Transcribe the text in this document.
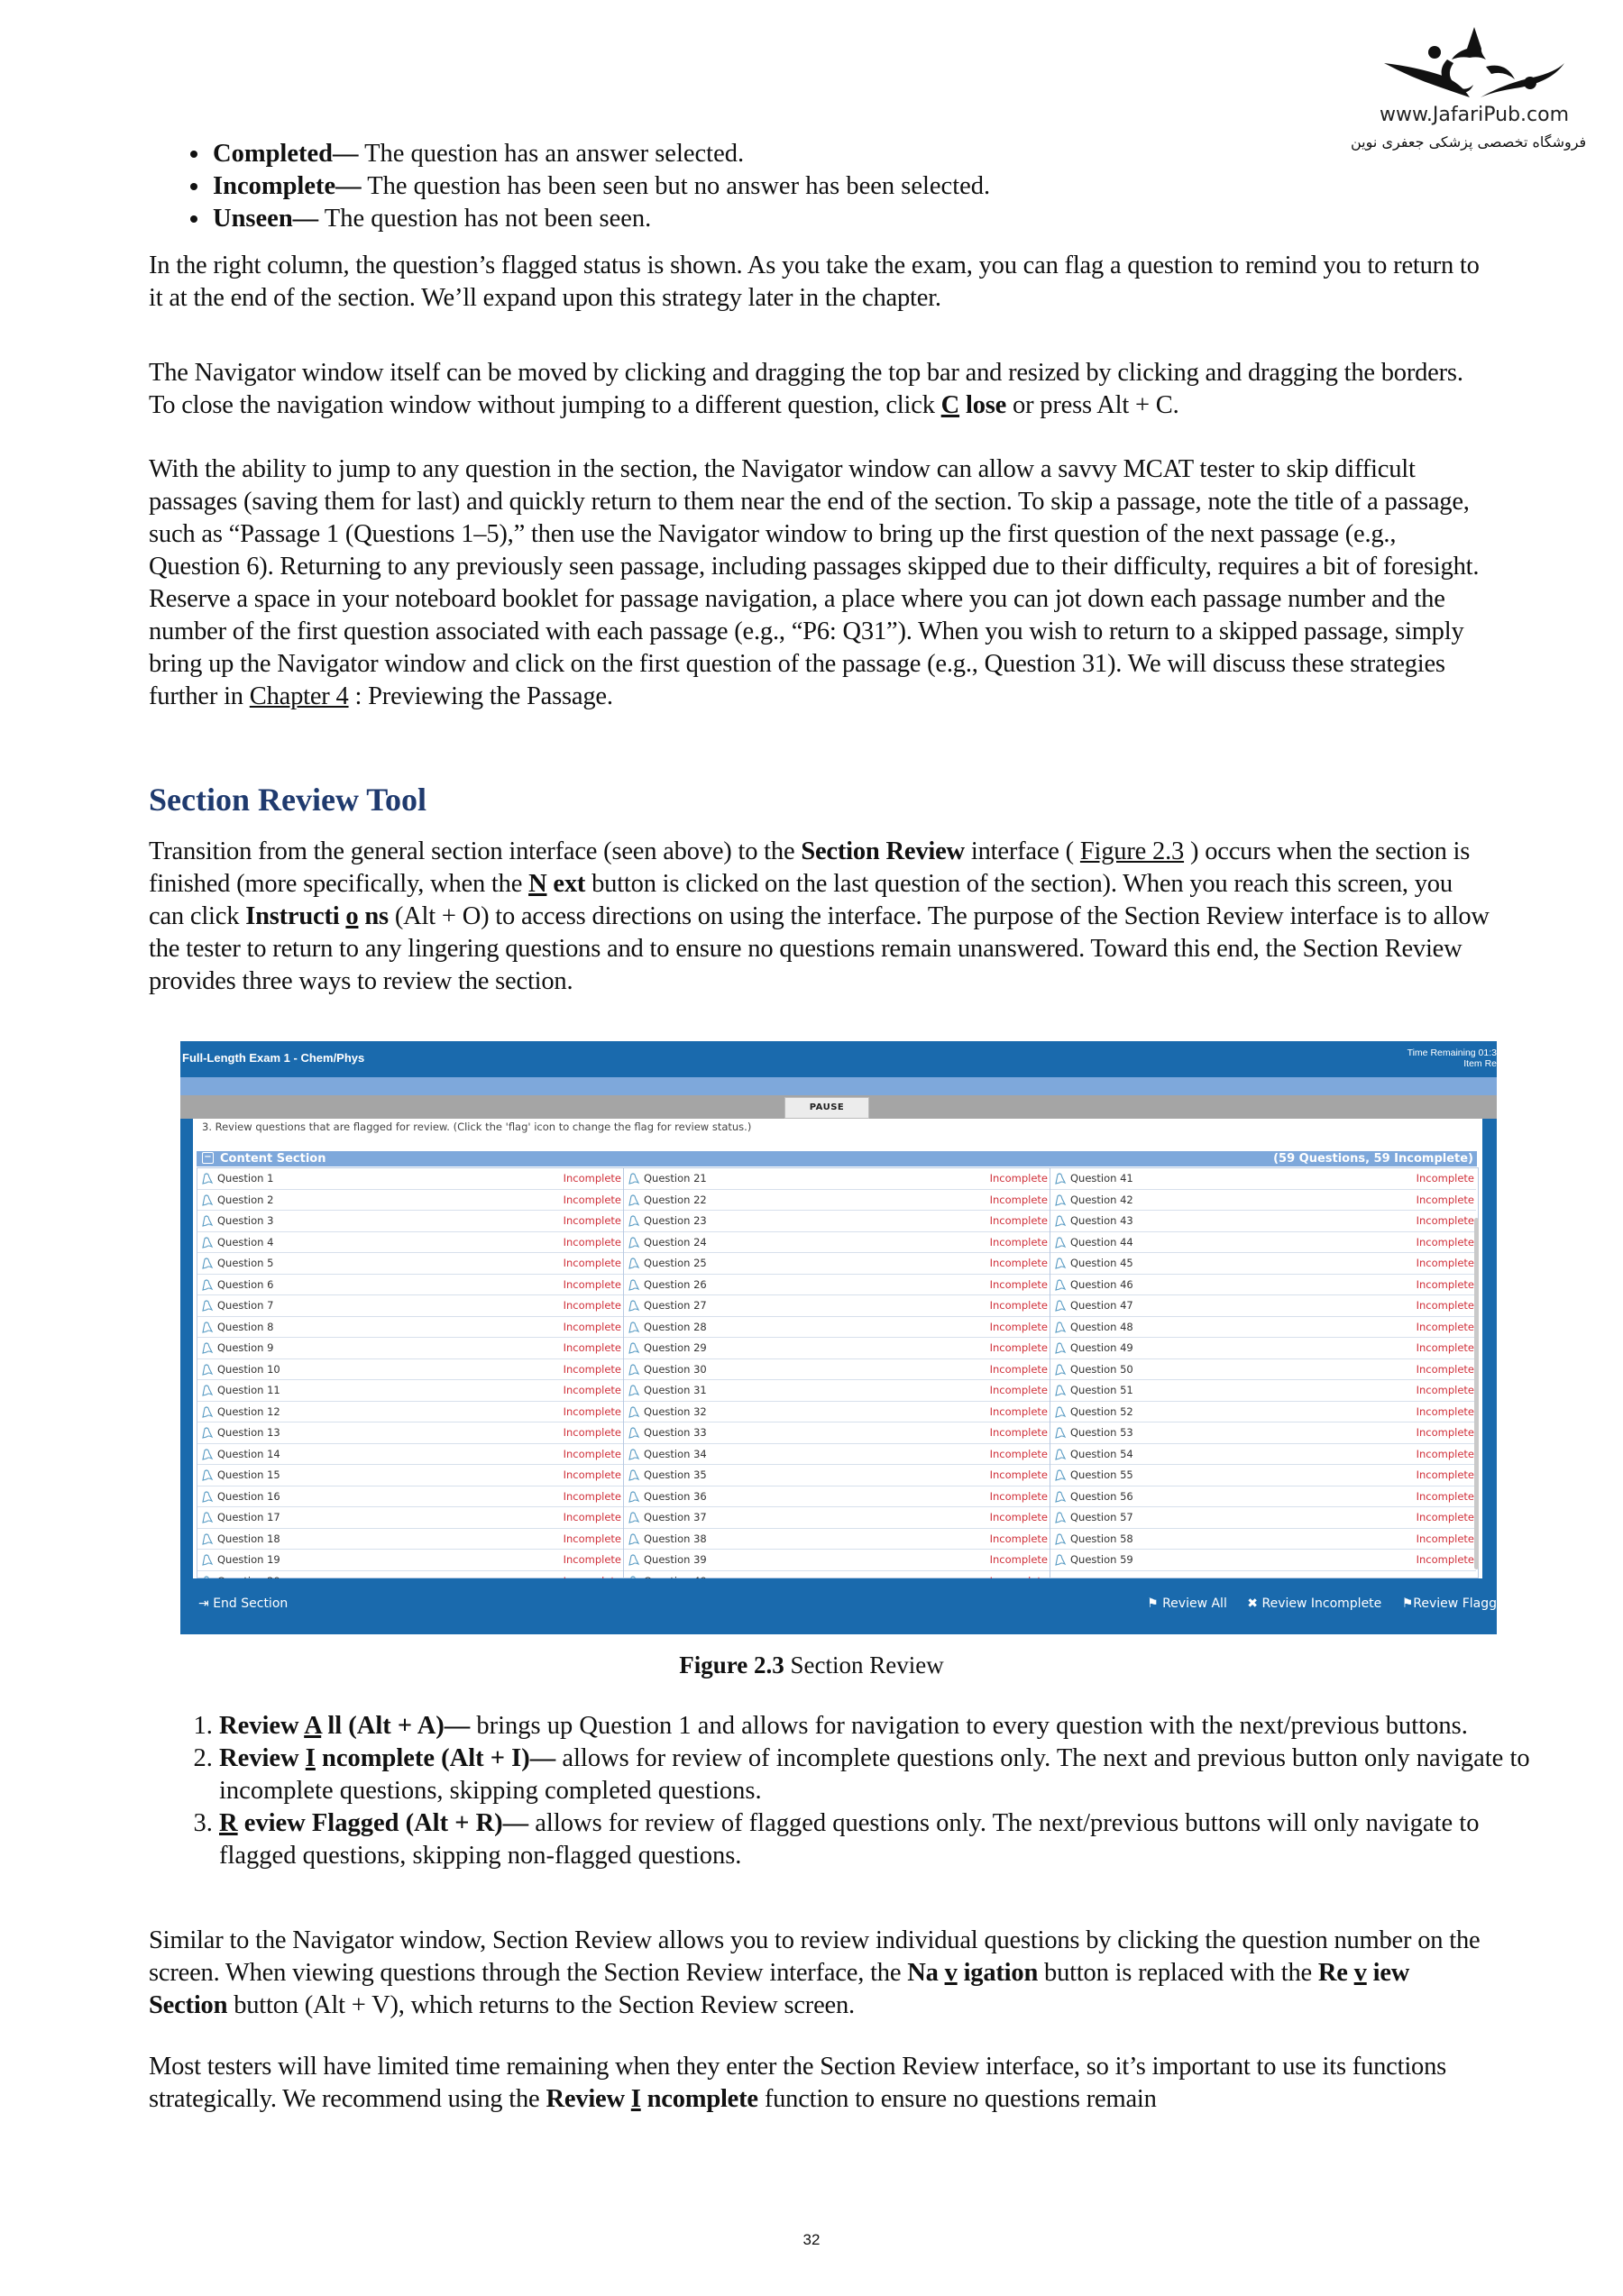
www.JafariPub.com
فروشگاه تخصصی پزشکی جعفری نوین
• Completed— The question has an answer selected.
• Incomplete— The question has been seen but no answer has been selected.
• Unseen— The question has not been seen.

In the right column, the question’s flagged status is shown. As you take the exam, you can flag a question to remind you to return to it at the end of the section. We’ll expand upon this strategy later in the chapter.

The Navigator window itself can be moved by clicking and dragging the top bar and resized by clicking and dragging the borders. To close the navigation window without jumping to a different question, click C lose or press Alt + C.

With the ability to jump to any question in the section, the Navigator window can allow a savvy MCAT tester to skip difficult passages (saving them for last) and quickly return to them near the end of the section. To skip a passage, note the title of a passage, such as “Passage 1 (Questions 1–5),” then use the Navigator window to bring up the first question of the next passage (e.g., Question 6). Returning to any previously seen passage, including passages skipped due to their difficulty, requires a bit of foresight. Reserve a space in your noteboard booklet for passage navigation, a place where you can jot down each passage number and the number of the first question associated with each passage (e.g., “P6: Q31”). When you wish to return to a skipped passage, simply bring up the Navigator window and click on the first question of the passage (e.g., Question 31). We will discuss these strategies further in Chapter 4 : Previewing the Passage.

Section Review Tool

Transition from the general section interface (seen above) to the Section Review interface ( Figure 2.3 ) occurs when the section is finished (more specifically, when the N ext button is clicked on the last question of the section). When you reach this screen, you can click Instructi o ns (Alt + O) to access directions on using the interface. The purpose of the Section Review interface is to allow the tester to return to any lingering questions and to ensure no questions remain unanswered. Toward this end, the Section Review provides three ways to review the section.

Full-Length Exam 1 - Chem/Phys	Time Remaining 01:3
Item Re
PAUSE
3. Review questions that are flagged for review. (Click the 'flag' icon to change the flag for review status.)
− Content Section	(59 Questions, 59 Incomplete)
Question 1	Incomplete
Question 2	Incomplete
Question 3	Incomplete
Question 4	Incomplete
Question 5	Incomplete
Question 6	Incomplete
Question 7	Incomplete
Question 8	Incomplete
Question 9	Incomplete
Question 10	Incomplete
Question 11	Incomplete
Question 12	Incomplete
Question 13	Incomplete
Question 14	Incomplete
Question 15	Incomplete
Question 16	Incomplete
Question 17	Incomplete
Question 18	Incomplete
Question 19	Incomplete
Question 21	Incomplete
Question 22	Incomplete
Question 23	Incomplete
Question 24	Incomplete
Question 25	Incomplete
Question 26	Incomplete
Question 27	Incomplete
Question 28	Incomplete
Question 29	Incomplete
Question 30	Incomplete
Question 31	Incomplete
Question 32	Incomplete
Question 33	Incomplete
Question 34	Incomplete
Question 35	Incomplete
Question 36	Incomplete
Question 37	Incomplete
Question 38	Incomplete
Question 39	Incomplete
Question 41	Incomplete
Question 42	Incomplete
Question 43	Incomplete
Question 44	Incomplete
Question 45	Incomplete
Question 46	Incomplete
Question 47	Incomplete
Question 48	Incomplete
Question 49	Incomplete
Question 50	Incomplete
Question 51	Incomplete
Question 52	Incomplete
Question 53	Incomplete
Question 54	Incomplete
Question 55	Incomplete
Question 56	Incomplete
Question 57	Incomplete
Question 58	Incomplete
Question 59	Incomplete
⇥ End Section	⚑ Review All ✖ Review Incomplete ⚑Review Flagg
Figure 2.3 Section Review
1. Review A ll (Alt + A)— brings up Question 1 and allows for navigation to every question with the next/previous buttons.
2. Review I ncomplete (Alt + I)— allows for review of incomplete questions only. The next and previous button only navigate to incomplete questions, skipping completed questions.
3. R eview Flagged (Alt + R)— allows for review of flagged questions only. The next/previous buttons will only navigate to flagged questions, skipping non-flagged questions.

Similar to the Navigator window, Section Review allows you to review individual questions by clicking the question number on the screen. When viewing questions through the Section Review interface, the Na v igation button is replaced with the Re v iew Section button (Alt + V), which returns to the Section Review screen.

Most testers will have limited time remaining when they enter the Section Review interface, so it’s important to use its functions strategically. We recommend using the Review I ncomplete function to ensure no questions remain

32
